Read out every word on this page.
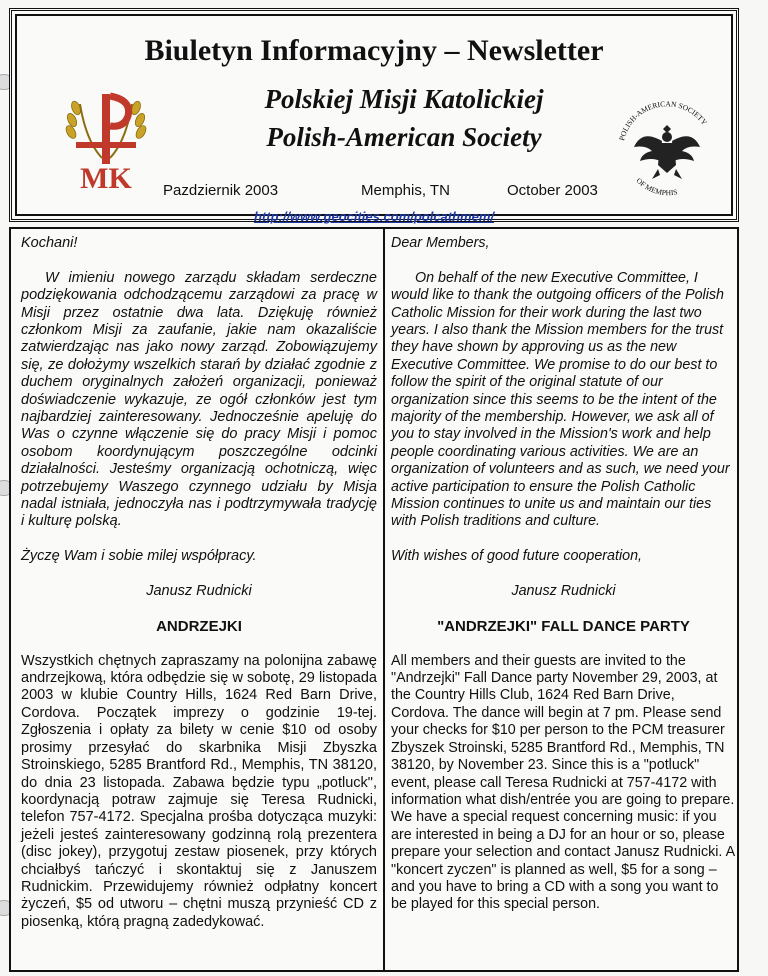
Biuletyn Informacyjny – Newsletter
Polskiej Misji Katolickiej
Polish-American Society
Pazdziernik 2003	Memphis, TN	October 2003
http://www.geocities.com/polcathmem/
MK
POLISH-AMERICAN SOCIETY
OF MEMPHIS

Kochani!

W imieniu nowego zarządu składam serdeczne podziękowania odchodzącemu zarządowi za pracę w Misji przez ostatnie dwa lata. Dziękuję również członkom Misji za zaufanie, jakie nam okazaliście zatwierdzając nas jako nowy zarząd. Zobowiązujemy się, ze dołożymy wszelkich starań by działać zgodnie z duchem oryginalnych założeń organizacji, ponieważ doświadczenie wykazuje, ze ogół członków jest tym najbardziej zainteresowany. Jednocześnie apeluję do Was o czynne włączenie się do pracy Misji i pomoc osobom koordynującym poszczególne odcinki działalności. Jesteśmy organizacją ochotniczą, więc potrzebujemy Waszego czynnego udziału by Misja nadal istniała, jednoczyła nas i podtrzymywała tradycję i kulturę polską.

Życzę Wam i sobie milej współpracy.

Janusz Rudnicki

ANDRZEJKI

Wszystkich chętnych zapraszamy na polonijna zabawę andrzejkową, która odbędzie się w sobotę, 29 listopada 2003 w klubie Country Hills, 1624 Red Barn Drive, Cordova. Początek imprezy o godzinie 19-tej. Zgłoszenia i opłaty za bilety w cenie $10 od osoby prosimy przesyłać do skarbnika Misji Zbyszka Stroinskiego, 5285 Brantford Rd., Memphis, TN 38120, do dnia 23 listopada. Zabawa będzie typu „potluck", koordynacją potraw zajmuje się Teresa Rudnicki, telefon 757-4172. Specjalna prośba dotycząca muzyki: jeżeli jesteś zainteresowany godzinną rolą prezentera (disc jokey), przygotuj zestaw piosenek, przy których chciałbyś tańczyć i skontaktuj się z Januszem Rudnickim. Przewidujemy również odpłatny koncert życzeń, $5 od utworu – chętni muszą przynieść CD z piosenką, którą pragną zadedykować.

Dear Members,

On behalf of the new Executive Committee, I would like to thank the outgoing officers of the Polish Catholic Mission for their work during the last two years. I also thank the Mission members for the trust they have shown by approving us as the new Executive Committee. We promise to do our best to follow the spirit of the original statute of our organization since this seems to be the intent of the majority of the membership. However, we ask all of you to stay involved in the Mission's work and help people coordinating various activities. We are an organization of volunteers and as such, we need your active participation to ensure the Polish Catholic Mission continues to unite us and maintain our ties with Polish traditions and culture.

With wishes of good future cooperation,

Janusz Rudnicki

"ANDRZEJKI" FALL DANCE PARTY

All members and their guests are invited to the "Andrzejki" Fall Dance party November 29, 2003, at the Country Hills Club, 1624 Red Barn Drive, Cordova. The dance will begin at 7 pm. Please send your checks for $10 per person to the PCM treasurer Zbyszek Stroinski, 5285 Brantford Rd., Memphis, TN 38120, by November 23. Since this is a "potluck" event, please call Teresa Rudnicki at 757-4172 with information what dish/entrée you are going to prepare. We have a special request concerning music: if you are interested in being a DJ for an hour or so, please prepare your selection and contact Janusz Rudnicki. A "koncert zyczen" is planned as well, $5 for a song – and you have to bring a CD with a song you want to be played for this special person.
